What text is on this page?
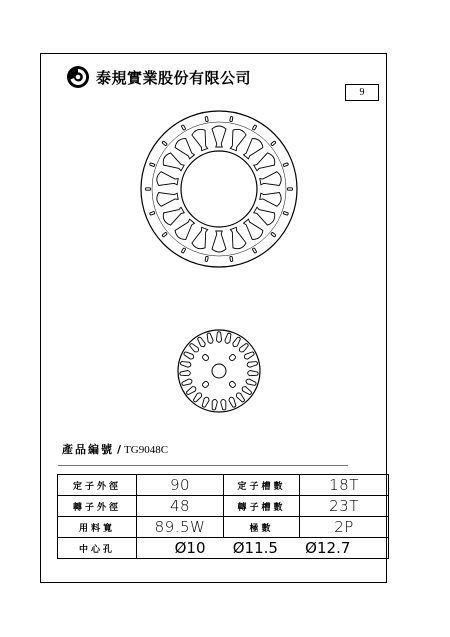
泰規實業股份有限公司
9
產品編號 / TG9048C
定子外徑	90	定子槽數	18T
轉子外徑	48	轉子槽數	23T
用料寬	89.5W	極數	2P
中心孔	Ø10 Ø11.5 Ø12.7		
